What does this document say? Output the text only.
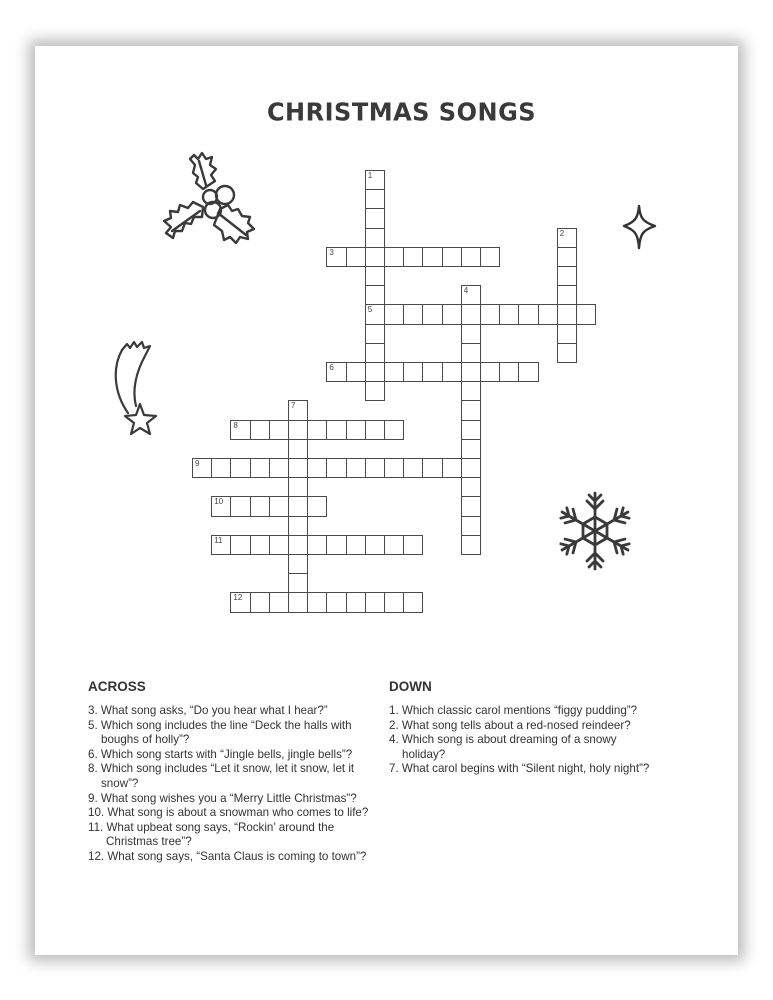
CHRISTMAS SONGS
1
5
2
3
4
6
7
8
9
10
11
12
ACROSS
3. What song asks, “Do you hear what I hear?”
5. Which song includes the line “Deck the halls with boughs of holly”?
6. Which song starts with “Jingle bells, jingle bells”?
8. Which song includes “Let it snow, let it snow, let it snow”?
9. What song wishes you a “Merry Little Christmas”?
10. What song is about a snowman who comes to life?
11. What upbeat song says, “Rockin’ around the Christmas tree”?
12. What song says, “Santa Claus is coming to town”?
DOWN
1. Which classic carol mentions “figgy pudding”?
2. What song tells about a red-nosed reindeer?
4. Which song is about dreaming of a snowy holiday?
7. What carol begins with “Silent night, holy night”?
